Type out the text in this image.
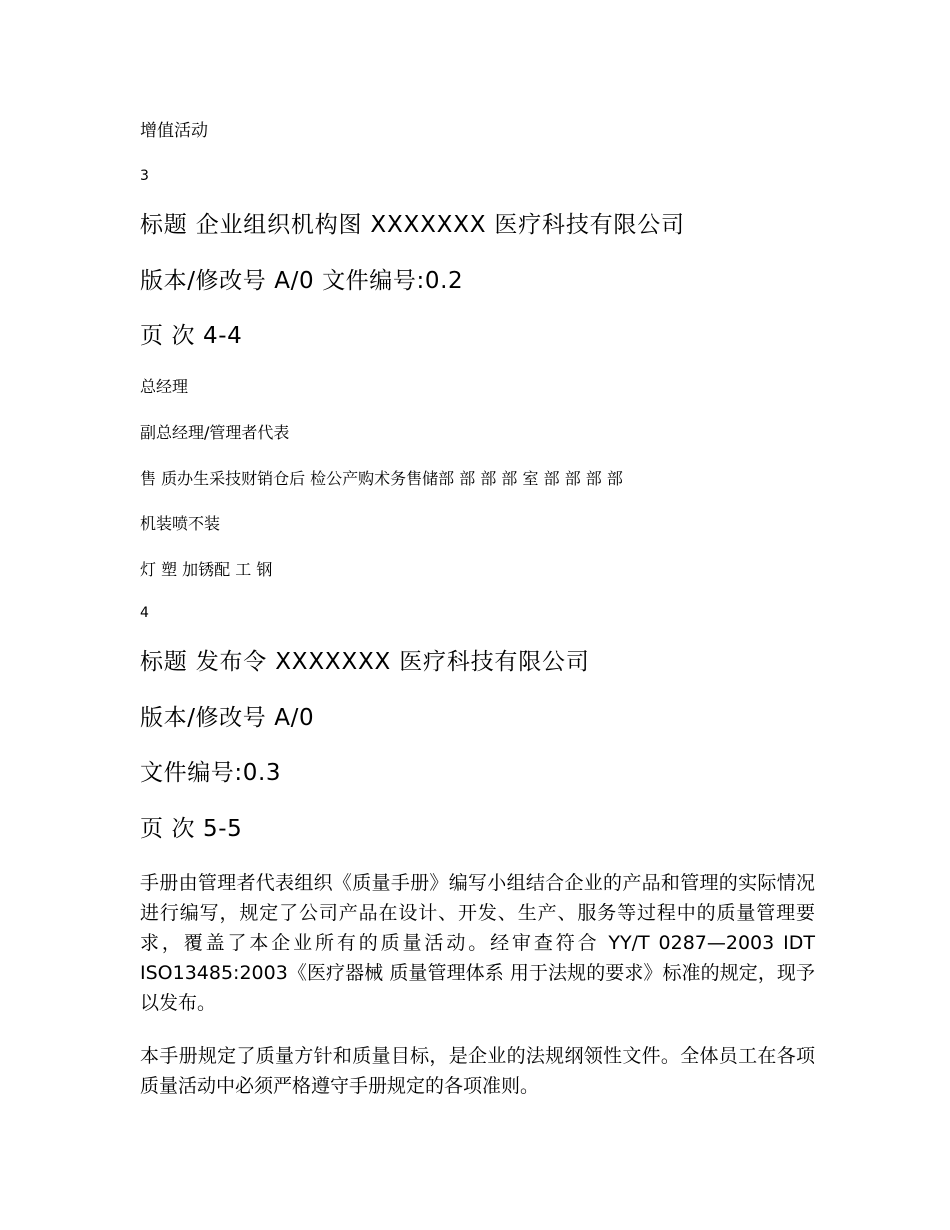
增值活动

3

标题 企业组织机构图 XXXXXXX 医疗科技有限公司

版本/修改号 A/0 文件编号:0.2

页 次 4-4

总经理

副总经理/管理者代表

售 质办生采技财销仓后 检公产购术务售储部 部 部 部 室 部 部 部 部

机装喷不装

灯 塑 加锈配 工 钢

4

标题 发布令 XXXXXXX 医疗科技有限公司

版本/修改号 A/0

文件编号:0.3

页 次 5-5

手册由管理者代表组织《质量手册》编写小组结合企业的产品和管理的实际情况进行编写，规定了公司产品在设计、开发、生产、服务等过程中的质量管理要求，覆盖了本企业所有的质量活动。经审查符合 YY/T 0287—2003 IDT ISO13485:2003《医疗器械 质量管理体系 用于法规的要求》标准的规定，现予以发布。

本手册规定了质量方针和质量目标，是企业的法规纲领性文件。全体员工在各项质量活动中必须严格遵守手册规定的各项准则。
